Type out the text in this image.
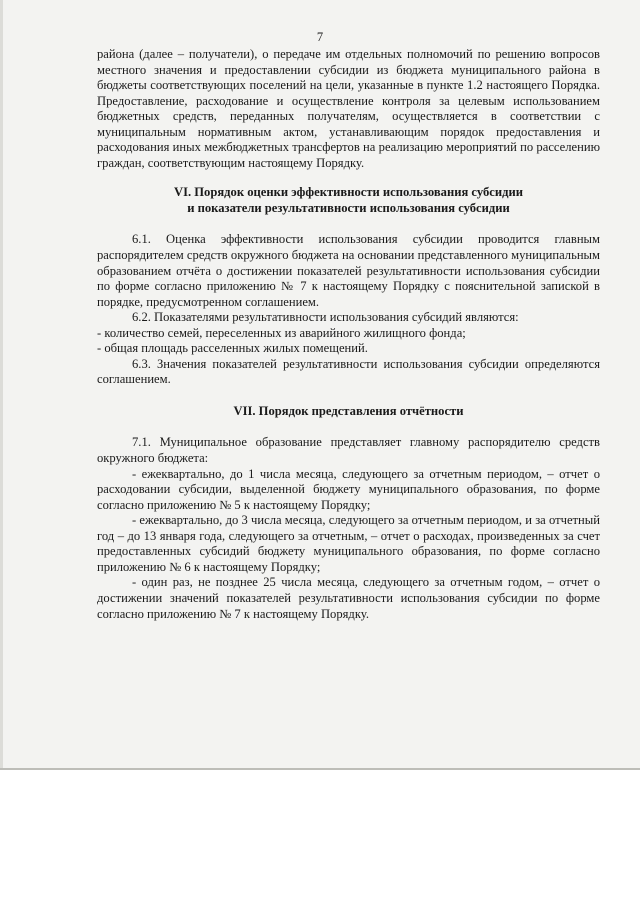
7

района (далее – получатели), о передаче им отдельных полномочий по решению вопросов местного значения и предоставлении субсидии из бюджета муниципального района в бюджеты соответствующих поселений на цели, указанные в пункте 1.2 настоящего Порядка. Предоставление, расходование и осуществление контроля за целевым использованием бюджетных средств, переданных получателям, осуществляется в соответствии с муниципальным нормативным актом, устанавливающим порядок предоставления и расходования иных межбюджетных трансфертов на реализацию мероприятий по расселению граждан, соответствующим настоящему Порядку.

VI. Порядок оценки эффективности использования субсидии

и показатели результативности использования субсидии

6.1. Оценка эффективности использования субсидии проводится главным распорядителем средств окружного бюджета на основании представленного муниципальным образованием отчёта о достижении показателей результативности использования субсидии по форме согласно приложению № 7 к настоящему Порядку с пояснительной запиской в порядке, предусмотренном соглашением.

6.2. Показателями результативности использования субсидий являются:

- количество семей, переселенных из аварийного жилищного фонда;

- общая площадь расселенных жилых помещений.

6.3. Значения показателей результативности использования субсидии определяются соглашением.

VII. Порядок представления отчётности

7.1. Муниципальное образование представляет главному распорядителю средств окружного бюджета:

- ежеквартально, до 1 числа месяца, следующего за отчетным периодом, – отчет о расходовании субсидии, выделенной бюджету муниципального образования, по форме согласно приложению № 5 к настоящему Порядку;

- ежеквартально, до 3 числа месяца, следующего за отчетным периодом, и за отчетный год – до 13 января года, следующего за отчетным, – отчет о расходах, произведенных за счет предоставленных субсидий бюджету муниципального образования, по форме согласно приложению № 6 к настоящему Порядку;

- один раз, не позднее 25 числа месяца, следующего за отчетным годом, – отчет о достижении значений показателей результативности использования субсидии по форме согласно приложению № 7 к настоящему Порядку.
